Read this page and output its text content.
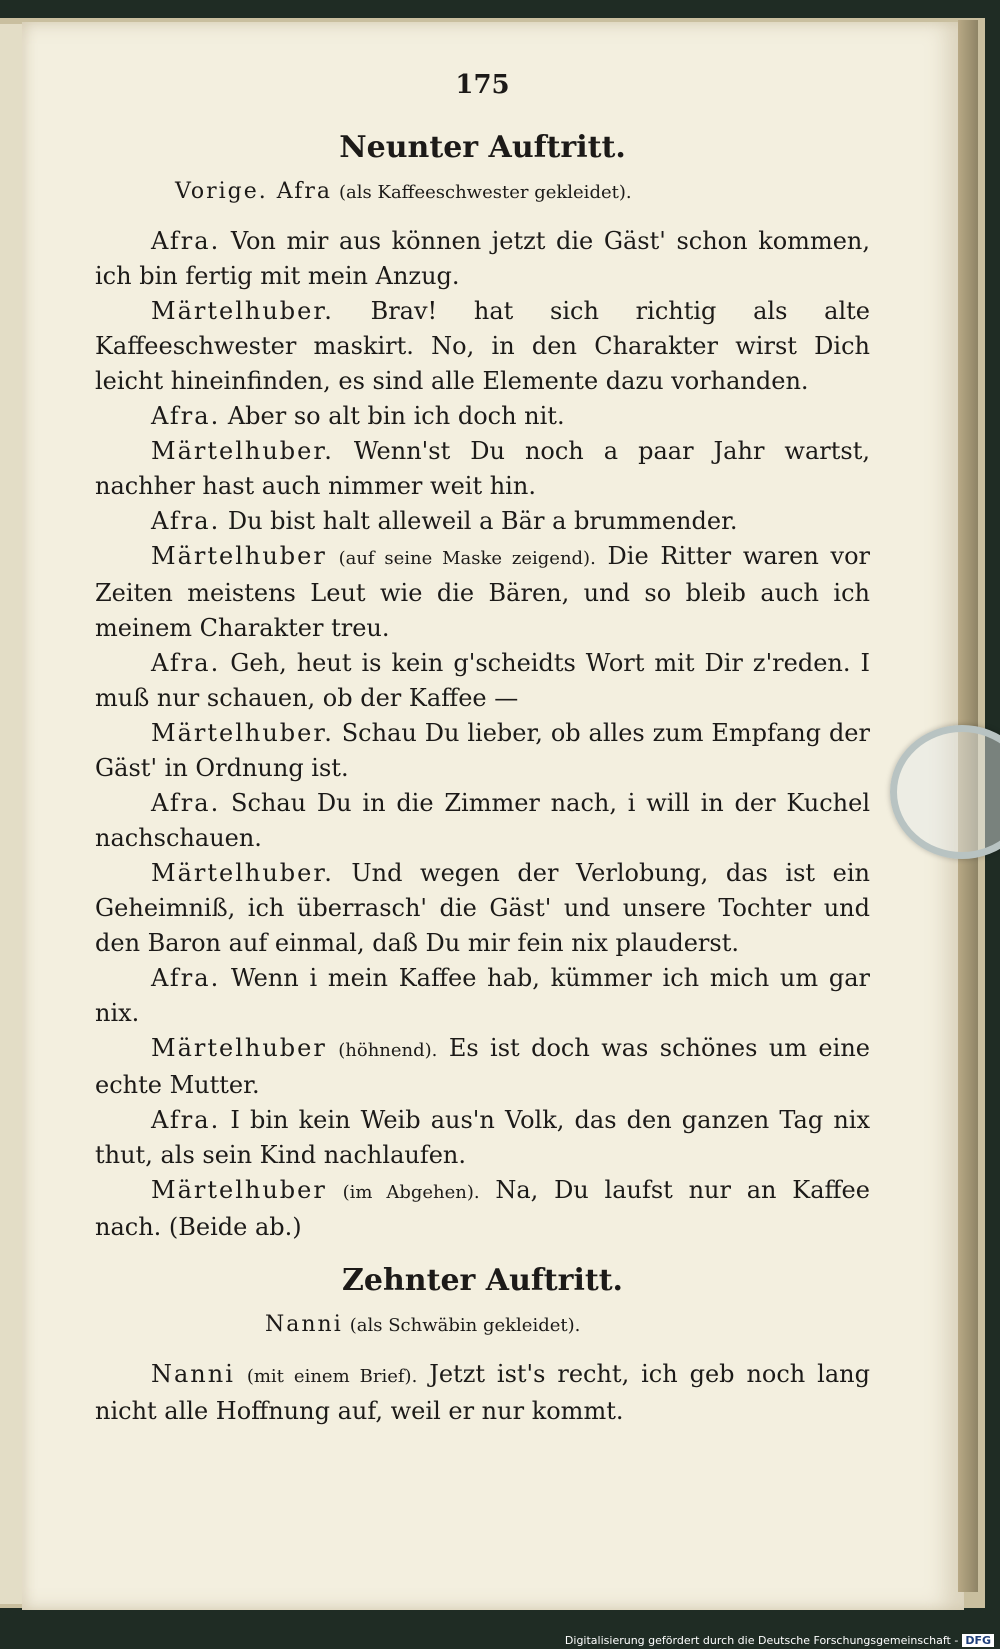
175
Neunter Auftritt.
Vorige. Afra (als Kaffeeschwester gekleidet).

Afra. Von mir aus können jetzt die Gäst' schon kommen, ich bin fertig mit mein Anzug.

Märtelhuber. Brav! hat sich richtig als alte Kaffeeschwester maskirt. No, in den Charakter wirst Dich leicht hineinfinden, es sind alle Elemente dazu vorhanden.

Afra. Aber so alt bin ich doch nit.

Märtelhuber. Wenn'st Du noch a paar Jahr wartst, nachher hast auch nimmer weit hin.

Afra. Du bist halt alleweil a Bär a brummender.

Märtelhuber (auf seine Maske zeigend). Die Ritter waren vor Zeiten meistens Leut wie die Bären, und so bleib auch ich meinem Charakter treu.

Afra. Geh, heut is kein g'scheidts Wort mit Dir z'reden. I muß nur schauen, ob der Kaffee —

Märtelhuber. Schau Du lieber, ob alles zum Empfang der Gäst' in Ordnung ist.

Afra. Schau Du in die Zimmer nach, i will in der Kuchel nachschauen.

Märtelhuber. Und wegen der Verlobung, das ist ein Geheimniß, ich überrasch' die Gäst' und unsere Tochter und den Baron auf einmal, daß Du mir fein nix plauderst.

Afra. Wenn i mein Kaffee hab, kümmer ich mich um gar nix.

Märtelhuber (höhnend). Es ist doch was schönes um eine echte Mutter.

Afra. I bin kein Weib aus'n Volk, das den ganzen Tag nix thut, als sein Kind nachlaufen.

Märtelhuber (im Abgehen). Na, Du laufst nur an Kaffee nach. (Beide ab.)

Zehnter Auftritt.
Nanni (als Schwäbin gekleidet).

Nanni (mit einem Brief). Jetzt ist's recht, ich geb noch lang nicht alle Hoffnung auf, weil er nur kommt.

Digitalisierung gefördert durch die Deutsche Forschungsgemeinschaft - DFG
